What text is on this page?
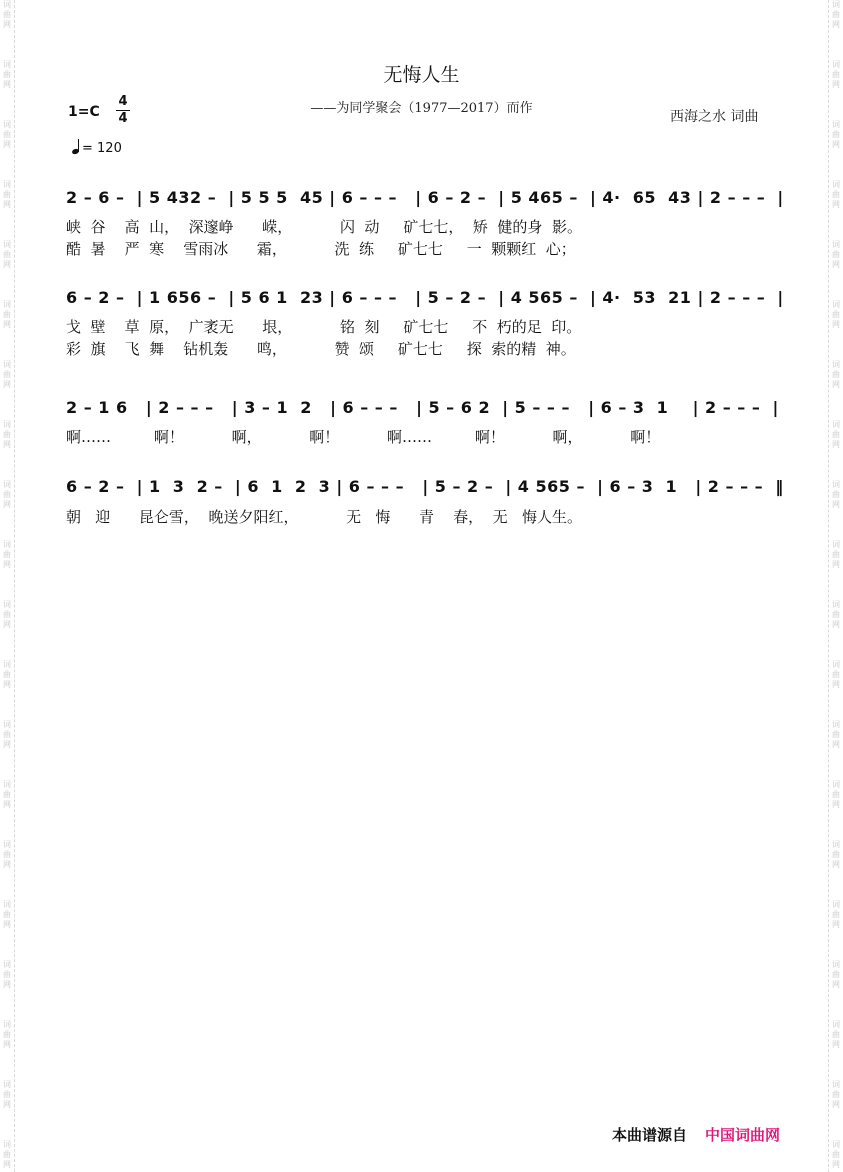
词
曲
网
词
曲
网
词
曲
网
词
曲
网
词
曲
网
词
曲
网
词
曲
网
词
曲
网
词
曲
网
词
曲
网
词
曲
网
词
曲
网
词
曲
网
词
曲
网
词
曲
网
词
曲
网
词
曲
网
词
曲
网
词
曲
网
词
曲
网
词
曲
网
词
曲
网
词
曲
网
词
曲
网
词
曲
网
词
曲
网
词
曲
网
词
曲
网
词
曲
网
词
曲
网
词
曲
网
词
曲
网
词
曲
网
词
曲
网
词
曲
网
词
曲
网
词
曲
网
词
曲
网
词
曲
网
词
曲
网
无悔人生
——为同学聚会（1977—2017）而作
西海之水 词曲
1=C
4
4
= 120
2 – 6 –  | 5 432 –  | 5 5 5  45 | 6 – – –   | 6 – 2 –  | 5 465 –  | 4·  65  43 | 2 – – –  |
峡  谷    高  山，  深邃峥      嵘，          闪  动     矿七七，  矫  健的身  影。
酷  暑    严  寒    雪雨冰      霜，          洗  练     矿七七     一  颗颗红  心；
6 – 2 –  | 1 656 –  | 5 6 1  23 | 6 – – –   | 5 – 2 –  | 4 565 –  | 4·  53  21 | 2 – – –  |
戈  壁    草  原，  广袤无      垠，          铭  刻     矿七七     不  朽的足  印。
彩  旗    飞  舞    钻机轰      鸣，          赞  颂     矿七七     探  索的精  神。
2 – 1 6   | 2 – – –   | 3 – 1  2   | 6 – – –   | 5 – 6 2  | 5 – – –   | 6 – 3  1    | 2 – – –  |
啊……         啊！          啊，          啊！          啊……         啊！          啊，          啊！
6 – 2 –  | 1  3  2 –  | 6  1  2  3 | 6 – – –   | 5 – 2 –  | 4 565 –  | 6 – 3  1   | 2 – – –  ‖
朝   迎      昆仑雪，  晚送夕阳红，          无   悔      青    春，  无   悔人生。
本曲谱源自 中国词曲网
